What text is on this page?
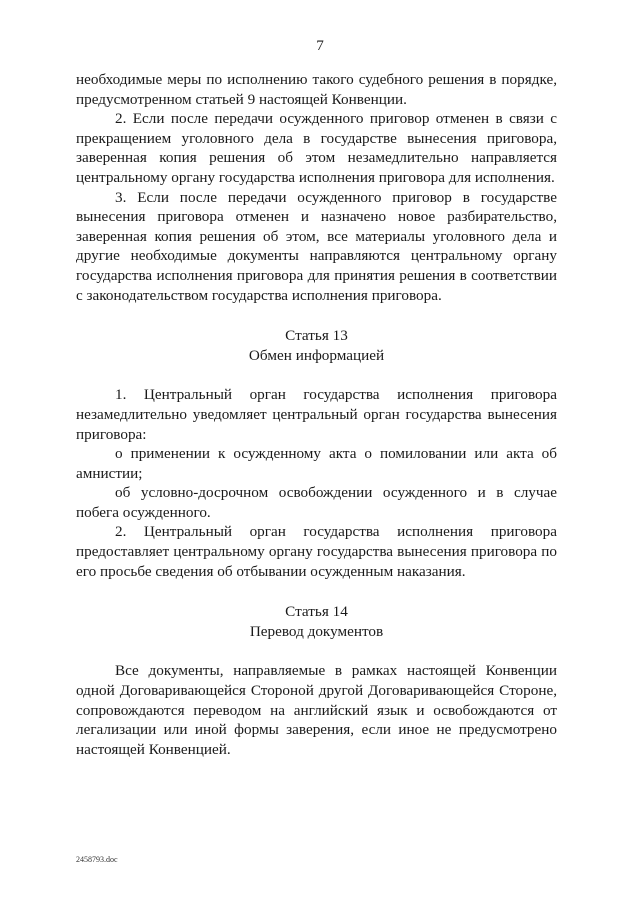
7

необходимые меры по исполнению такого судебного решения в порядке, предусмотренном статьей 9 настоящей Конвенции.

2. Если после передачи осужденного приговор отменен в связи с прекращением уголовного дела в государстве вынесения приговора, заверенная копия решения об этом незамедлительно направляется центральному органу государства исполнения приговора для исполнения.

3. Если после передачи осужденного приговор в государстве вынесения приговора отменен и назначено новое разбирательство, заверенная копия решения об этом, все материалы уголовного дела и другие необходимые документы направляются центральному органу государства исполнения приговора для принятия решения в соответствии с законодательством государства исполнения приговора.

Статья 13

Обмен информацией

1. Центральный орган государства исполнения приговора незамедлительно уведомляет центральный орган государства вынесения приговора:

о применении к осужденному акта о помиловании или акта об амнистии;

об условно-досрочном освобождении осужденного и в случае побега осужденного.

2. Центральный орган государства исполнения приговора предоставляет центральному органу государства вынесения приговора по его просьбе сведения об отбывании осужденным наказания.

Статья 14

Перевод документов

Все документы, направляемые в рамках настоящей Конвенции одной Договаривающейся Стороной другой Договаривающейся Стороне, сопровождаются переводом на английский язык и освобождаются от легализации или иной формы заверения, если иное не предусмотрено настоящей Конвенцией.

2458793.doc
